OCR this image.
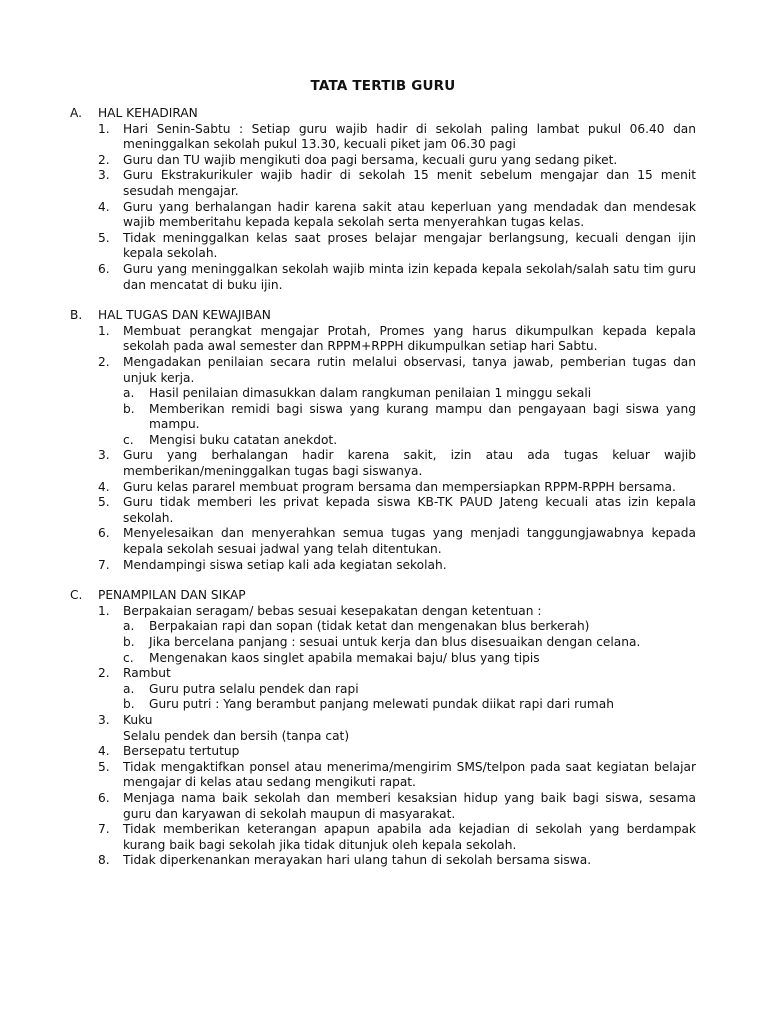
TATA TERTIB GURU
A.	HAL KEHADIRAN
1.	Hari Senin-Sabtu : Setiap guru wajib hadir di sekolah paling lambat pukul 06.40 dan meninggalkan sekolah pukul 13.30, kecuali piket jam 06.30 pagi
2.	Guru dan TU wajib mengikuti doa pagi bersama, kecuali guru yang sedang piket.
3.	Guru Ekstrakurikuler wajib hadir di sekolah 15 menit sebelum mengajar dan 15 menit sesudah mengajar.
4.	Guru yang berhalangan hadir karena sakit atau keperluan yang mendadak dan mendesak wajib memberitahu kepada kepala sekolah serta menyerahkan tugas kelas.
5.	Tidak meninggalkan kelas saat proses belajar mengajar berlangsung, kecuali dengan ijin kepala sekolah.
6.	Guru yang meninggalkan sekolah wajib minta izin kepada kepala sekolah/salah satu tim guru dan mencatat di buku ijin.
B.	HAL TUGAS DAN KEWAJIBAN
1.	Membuat perangkat mengajar Protah, Promes yang harus dikumpulkan kepada kepala sekolah pada awal semester dan RPPM+RPPH dikumpulkan setiap hari Sabtu.
2.	Mengadakan penilaian secara rutin melalui observasi, tanya jawab, pemberian tugas dan unjuk kerja.
a.	Hasil penilaian dimasukkan dalam rangkuman penilaian 1 minggu sekali
b.	Memberikan remidi bagi siswa yang kurang mampu dan pengayaan bagi siswa yang mampu.
c.	Mengisi buku catatan anekdot.
3.	Guru yang berhalangan hadir karena sakit, izin atau ada tugas keluar wajib memberikan/meninggalkan tugas bagi siswanya.
4.	Guru kelas pararel membuat program bersama dan mempersiapkan RPPM-RPPH bersama.
5.	Guru tidak memberi les privat kepada siswa KB-TK PAUD Jateng kecuali atas izin kepala sekolah.
6.	Menyelesaikan dan menyerahkan semua tugas yang menjadi tanggungjawabnya kepada kepala sekolah sesuai jadwal yang telah ditentukan.
7.	Mendampingi siswa setiap kali ada kegiatan sekolah.
C.	PENAMPILAN DAN SIKAP
1.	Berpakaian seragam/ bebas sesuai kesepakatan dengan ketentuan :
a.	Berpakaian rapi dan sopan (tidak ketat dan mengenakan blus berkerah)
b.	Jika bercelana panjang : sesuai untuk kerja dan blus disesuaikan dengan celana.
c.	Mengenakan kaos singlet apabila memakai baju/ blus yang tipis
2.	Rambut
a.	Guru putra selalu pendek dan rapi
b.	Guru putri : Yang berambut panjang melewati pundak diikat rapi dari rumah
3.	Kuku
Selalu pendek dan bersih (tanpa cat)
4.	Bersepatu tertutup
5.	Tidak mengaktifkan ponsel atau menerima/mengirim SMS/telpon pada saat kegiatan belajar mengajar di kelas atau sedang mengikuti rapat.
6.	Menjaga nama baik sekolah dan memberi kesaksian hidup yang baik bagi siswa, sesama guru dan karyawan di sekolah maupun di masyarakat.
7.	Tidak memberikan keterangan apapun apabila ada kejadian di sekolah yang berdampak kurang baik bagi sekolah jika tidak ditunjuk oleh kepala sekolah.
8.	Tidak diperkenankan merayakan hari ulang tahun di sekolah bersama siswa.
